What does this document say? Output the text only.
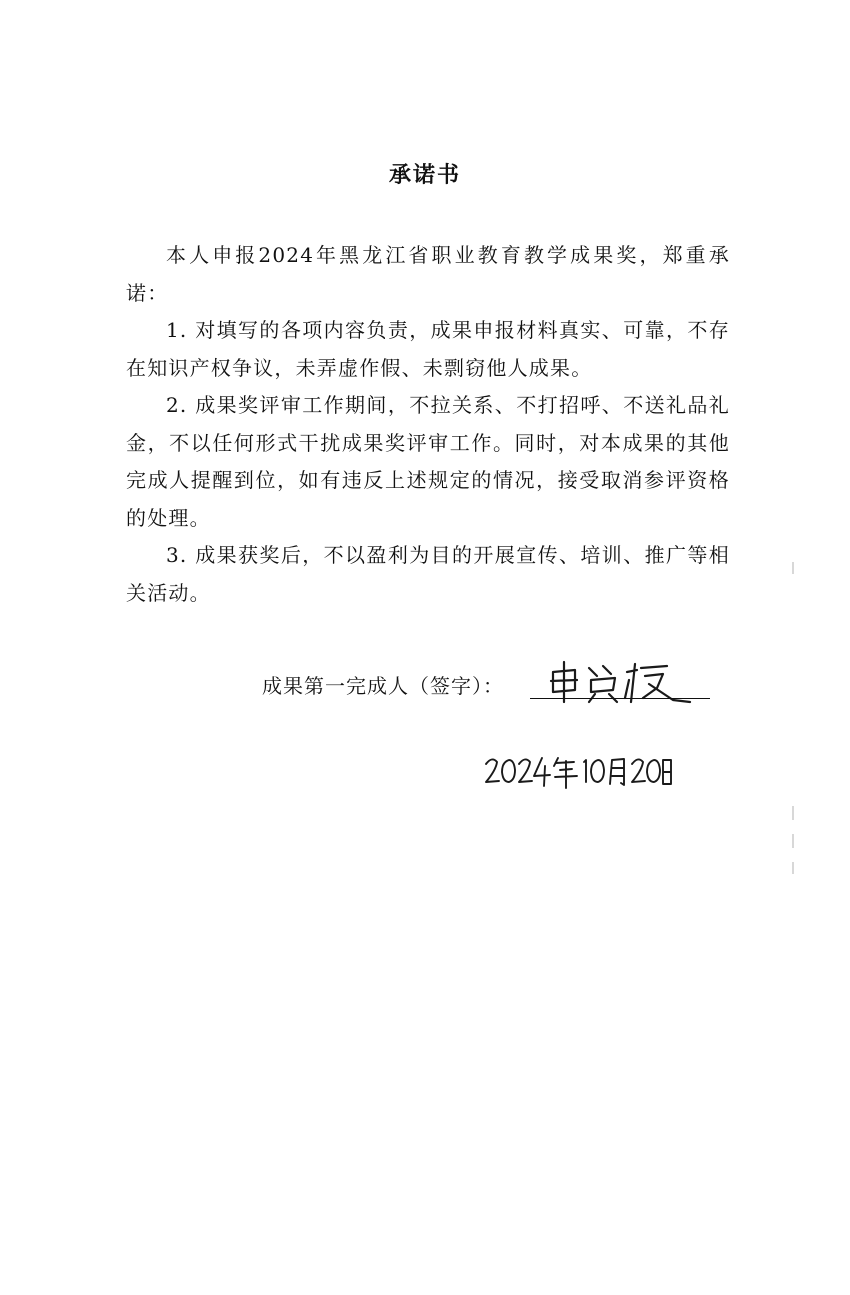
承诺书

本人申报2024年黑龙江省职业教育教学成果奖，郑重承诺：

1. 对填写的各项内容负责，成果申报材料真实、可靠，不存在知识产权争议，未弄虚作假、未剽窃他人成果。

2. 成果奖评审工作期间，不拉关系、不打招呼、不送礼品礼金，不以任何形式干扰成果奖评审工作。同时，对本成果的其他完成人提醒到位，如有违反上述规定的情况，接受取消参评资格的处理。

3. 成果获奖后，不以盈利为目的开展宣传、培训、推广等相关活动。

成果第一完成人（签字）：
